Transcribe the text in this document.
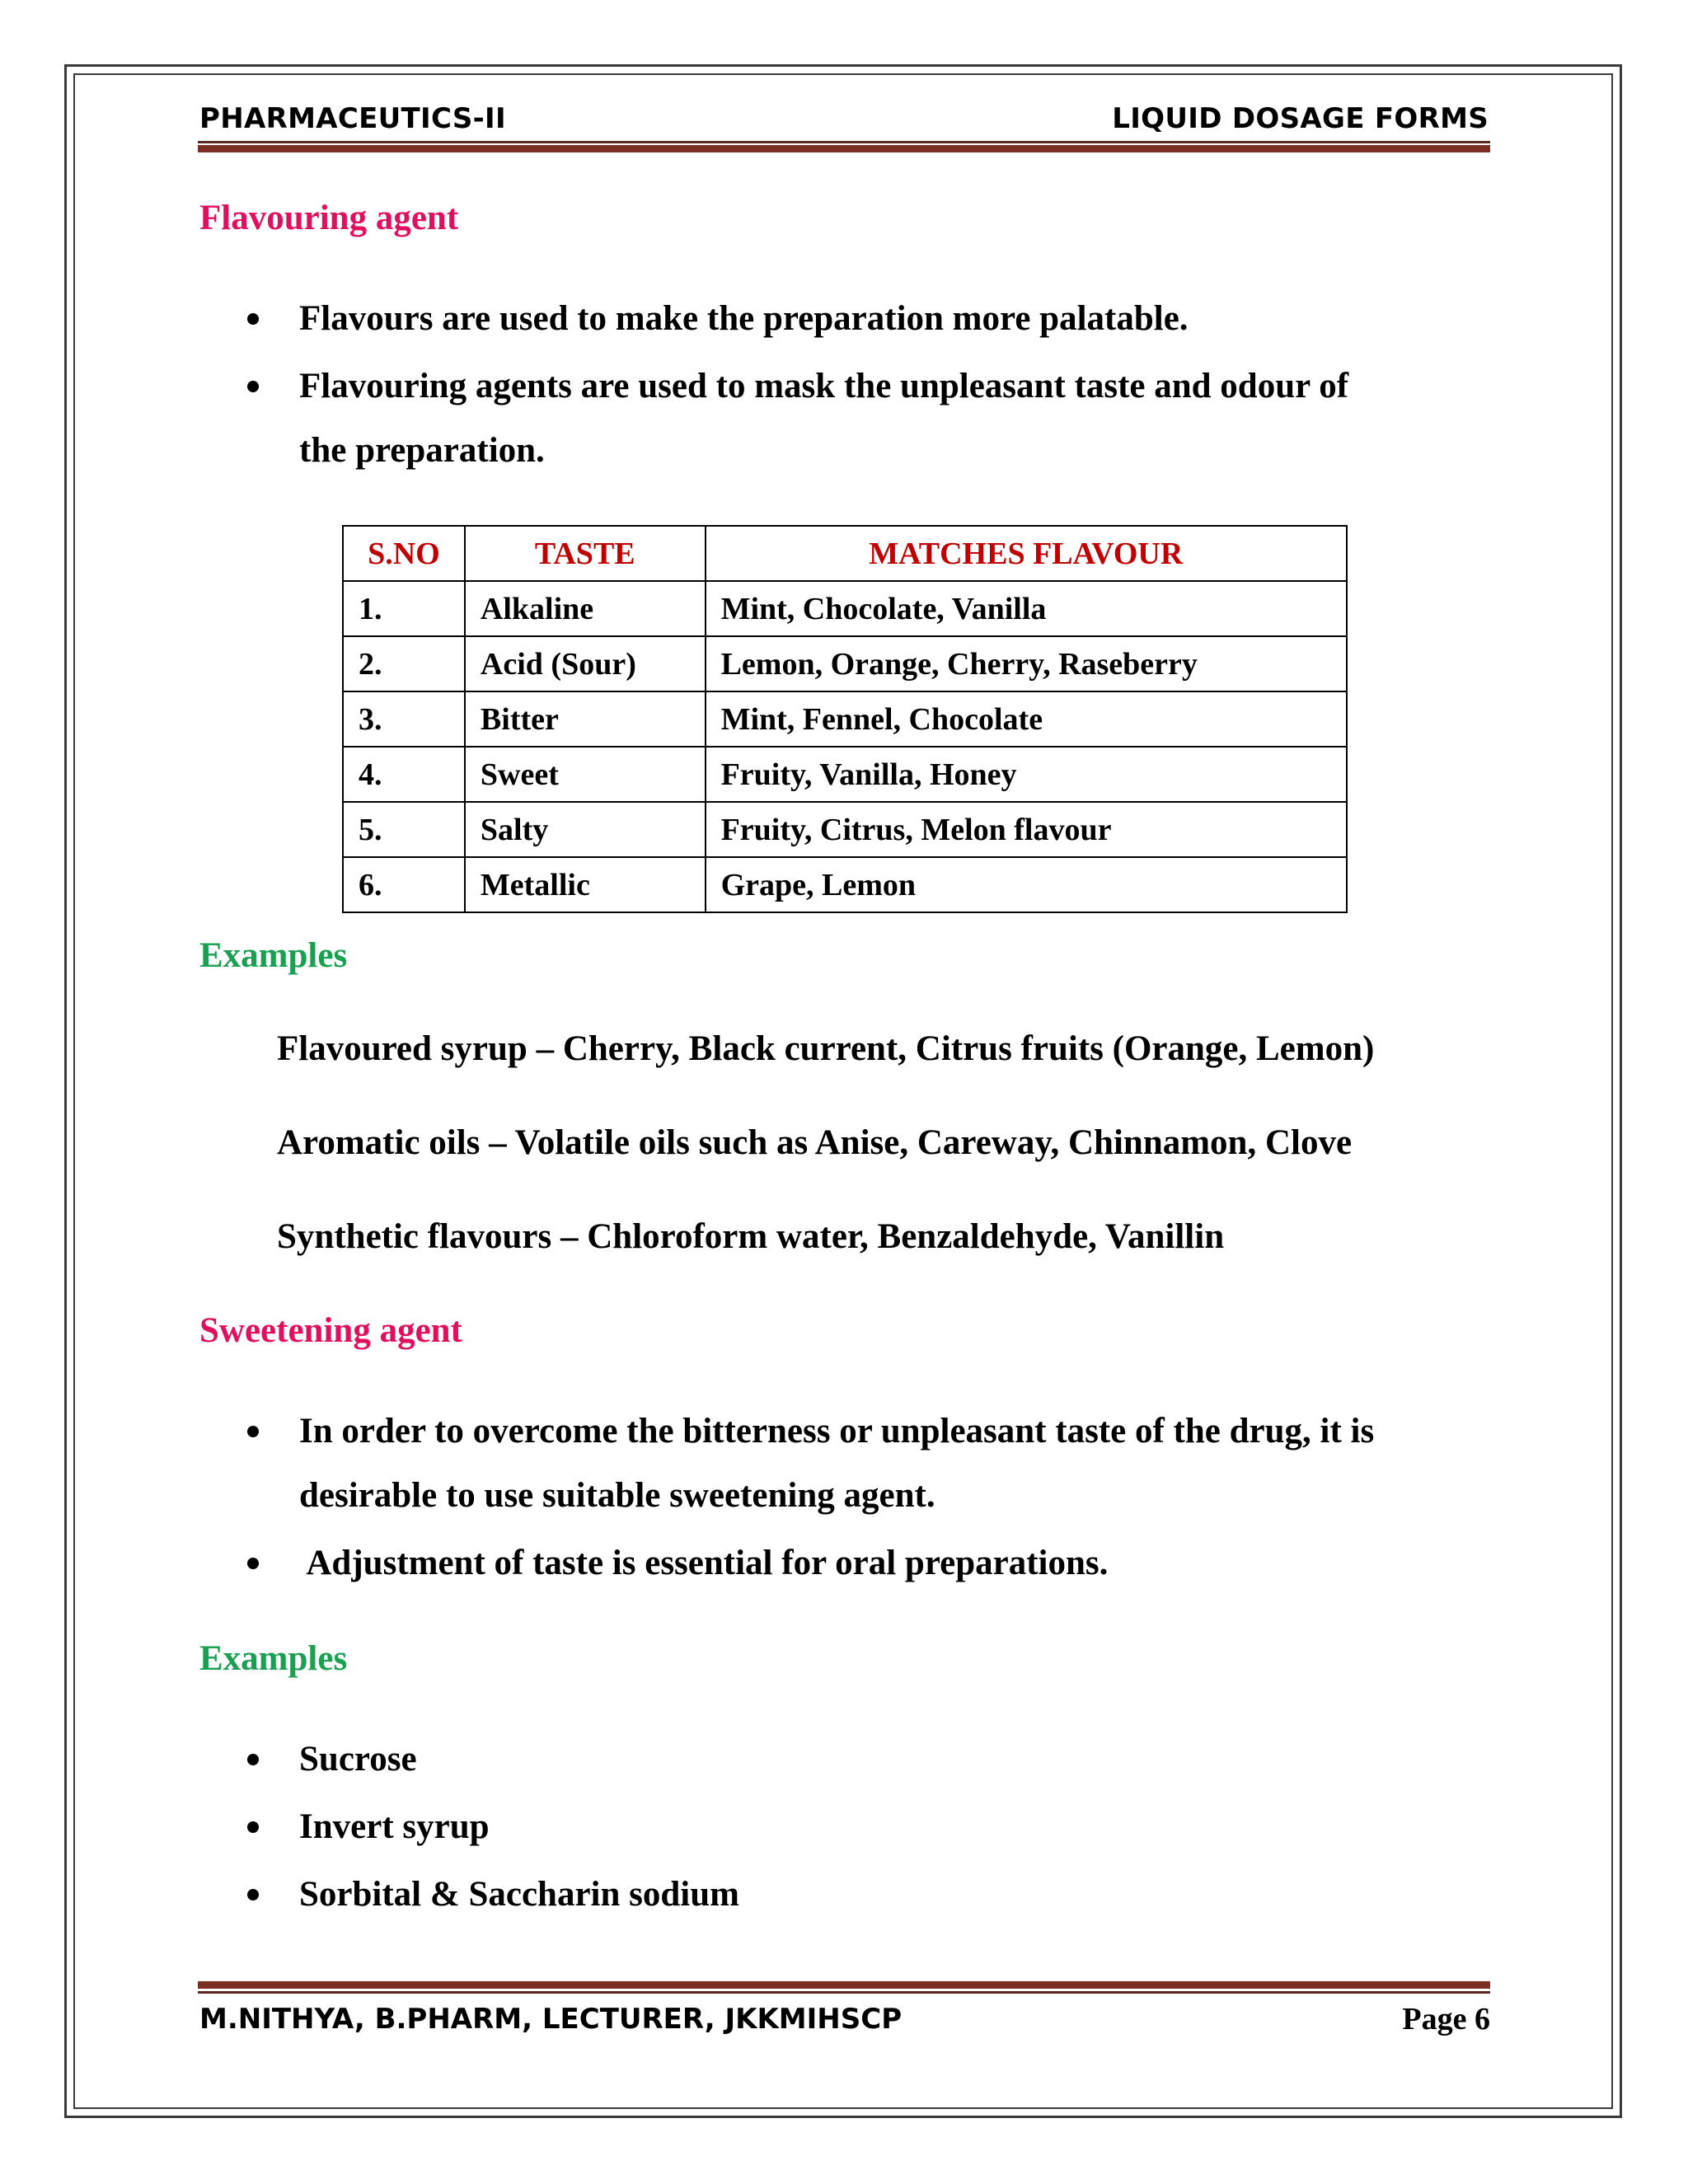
PHARMACEUTICS-II	LIQUID DOSAGE FORMS
Flavouring agent
Flavours are used to make the preparation more palatable.
Flavouring agents are used to mask the unpleasant taste and odour of
the preparation.
S.NO	TASTE	MATCHES FLAVOUR
1.	Alkaline	Mint, Chocolate, Vanilla
2.	Acid (Sour)	Lemon, Orange, Cherry, Raseberry
3.	Bitter	Mint, Fennel, Chocolate
4.	Sweet	Fruity, Vanilla, Honey
5.	Salty	Fruity, Citrus, Melon flavour
6.	Metallic	Grape, Lemon
Examples
Flavoured syrup – Cherry, Black current, Citrus fruits (Orange, Lemon)
Aromatic oils – Volatile oils such as Anise, Careway, Chinnamon, Clove
Synthetic flavours – Chloroform water, Benzaldehyde, Vanillin
Sweetening agent
In order to overcome the bitterness or unpleasant taste of the drug, it is
desirable to use suitable sweetening agent.
Adjustment of taste is essential for oral preparations.
Examples
Sucrose
Invert syrup
Sorbital & Saccharin sodium
M.NITHYA, B.PHARM, LECTURER, JKKMIHSCP	Page 6
